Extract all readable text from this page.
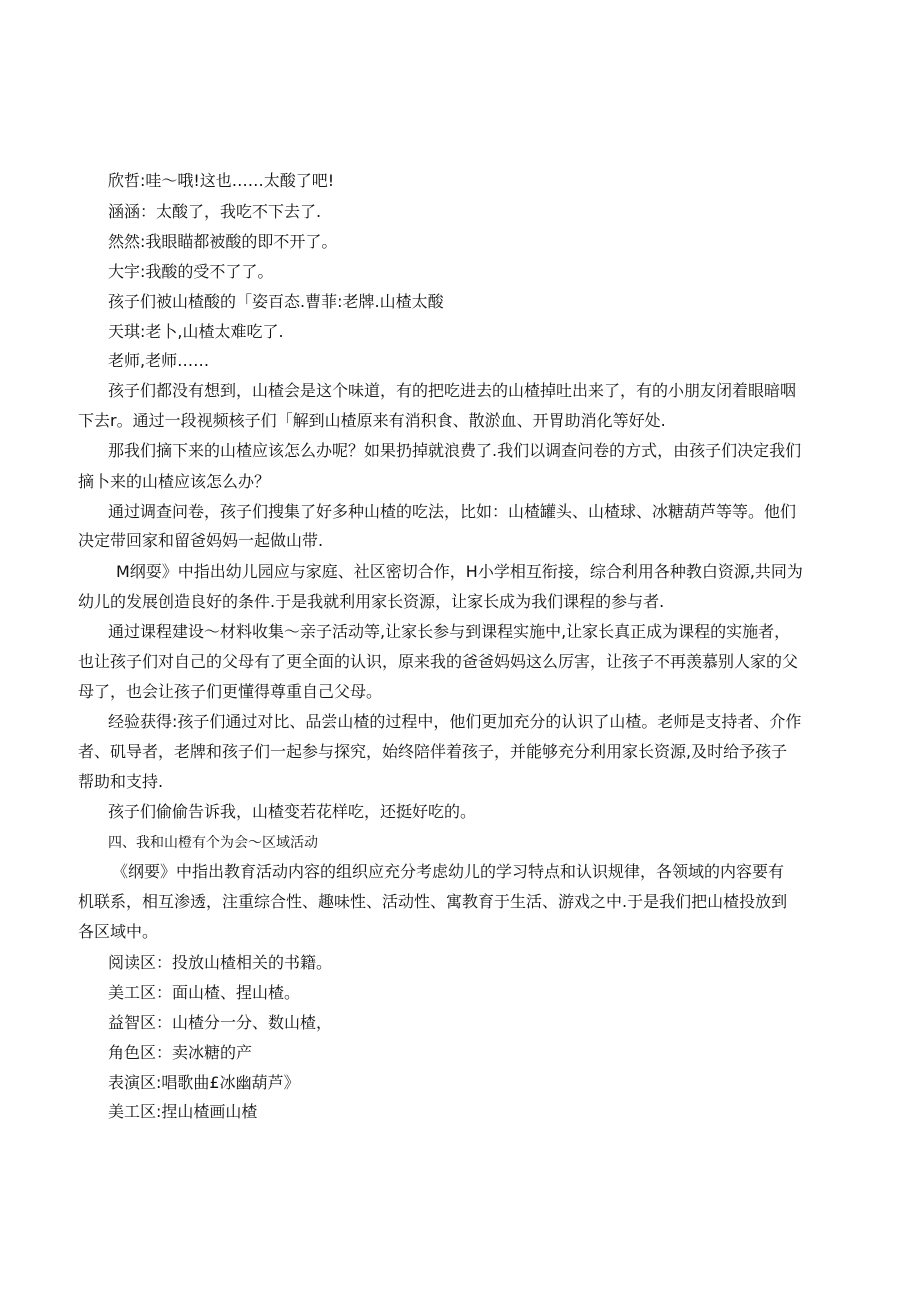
欣哲:哇〜哦!这也……太酸了吧!
涵涵：太酸了，我吃不下去了.
然然:我眼瞄都被酸的即不开了。
大宇:我酸的受不了了。
孩子们被山楂酸的「姿百态.曹菲:老牌.山楂太酸
天琪:老卜,山楂太难吃了.
老师,老师……
孩子们都没有想到，山楂会是这个味道，有的把吃进去的山楂掉吐出来了，有的小朋友闭着眼暗咽
下去r。通过一段视频核子们「解到山楂原来有消积食、散淤血、开胃助消化等好处.
那我们摘下来的山楂应该怎么办呢？如果扔掉就浪费了.我们以调查问卷的方式，由孩子们决定我们
摘卜来的山楂应该怎么办？
通过调查问卷，孩子们搜集了好多种山楂的吃法，比如：山楂罐头、山楂球、冰糖葫芦等等。他们
决定带回家和留爸妈妈一起做山带.
M纲耍》中指出幼儿园应与家庭、社区密切合作，H小学相互衔接，综合利用各种教白资源,共同为
幼儿的发展创造良好的条件.于是我就利用家长资源，让家长成为我们课程的参与者.
通过课程建设〜材料收集〜亲子活动等,让家长参与到课程实施中,让家长真正成为课程的实施者，
也让孩子们对自己的父母有了更全面的认识，原来我的爸爸妈妈这么厉害，让孩子不再羡慕别人家的父
母了，也会让孩子们更懂得尊重自己父母。
经验获得:孩子们通过对比、品尝山楂的过程中，他们更加充分的认识了山楂。老师是支持者、介作
者、矶导者，老牌和孩子们一起参与探究，始终陪伴着孩子，并能够充分利用家长资源,及时给予孩子
帮助和支持.
孩子们偷偷告诉我，山楂变若花样吃，还挺好吃的。
四、我和山橙有个为会〜区域活动
《纲要》中指出教育活动内容的组织应充分考虑幼儿的学习特点和认识规律，各领域的内容要有
机联系，相互渗透，注重综合性、趣味性、活动性、寓教育于生活、游戏之中.于是我们把山楂投放到
各区域中。
阅读区：投放山楂相关的书籍。
美工区：面山楂、捏山楂。
益智区：山楂分一分、数山楂，
角色区：卖冰糖的产
表演区:唱歌曲£冰幽葫芦》
美工区:捏山楂画山楂
